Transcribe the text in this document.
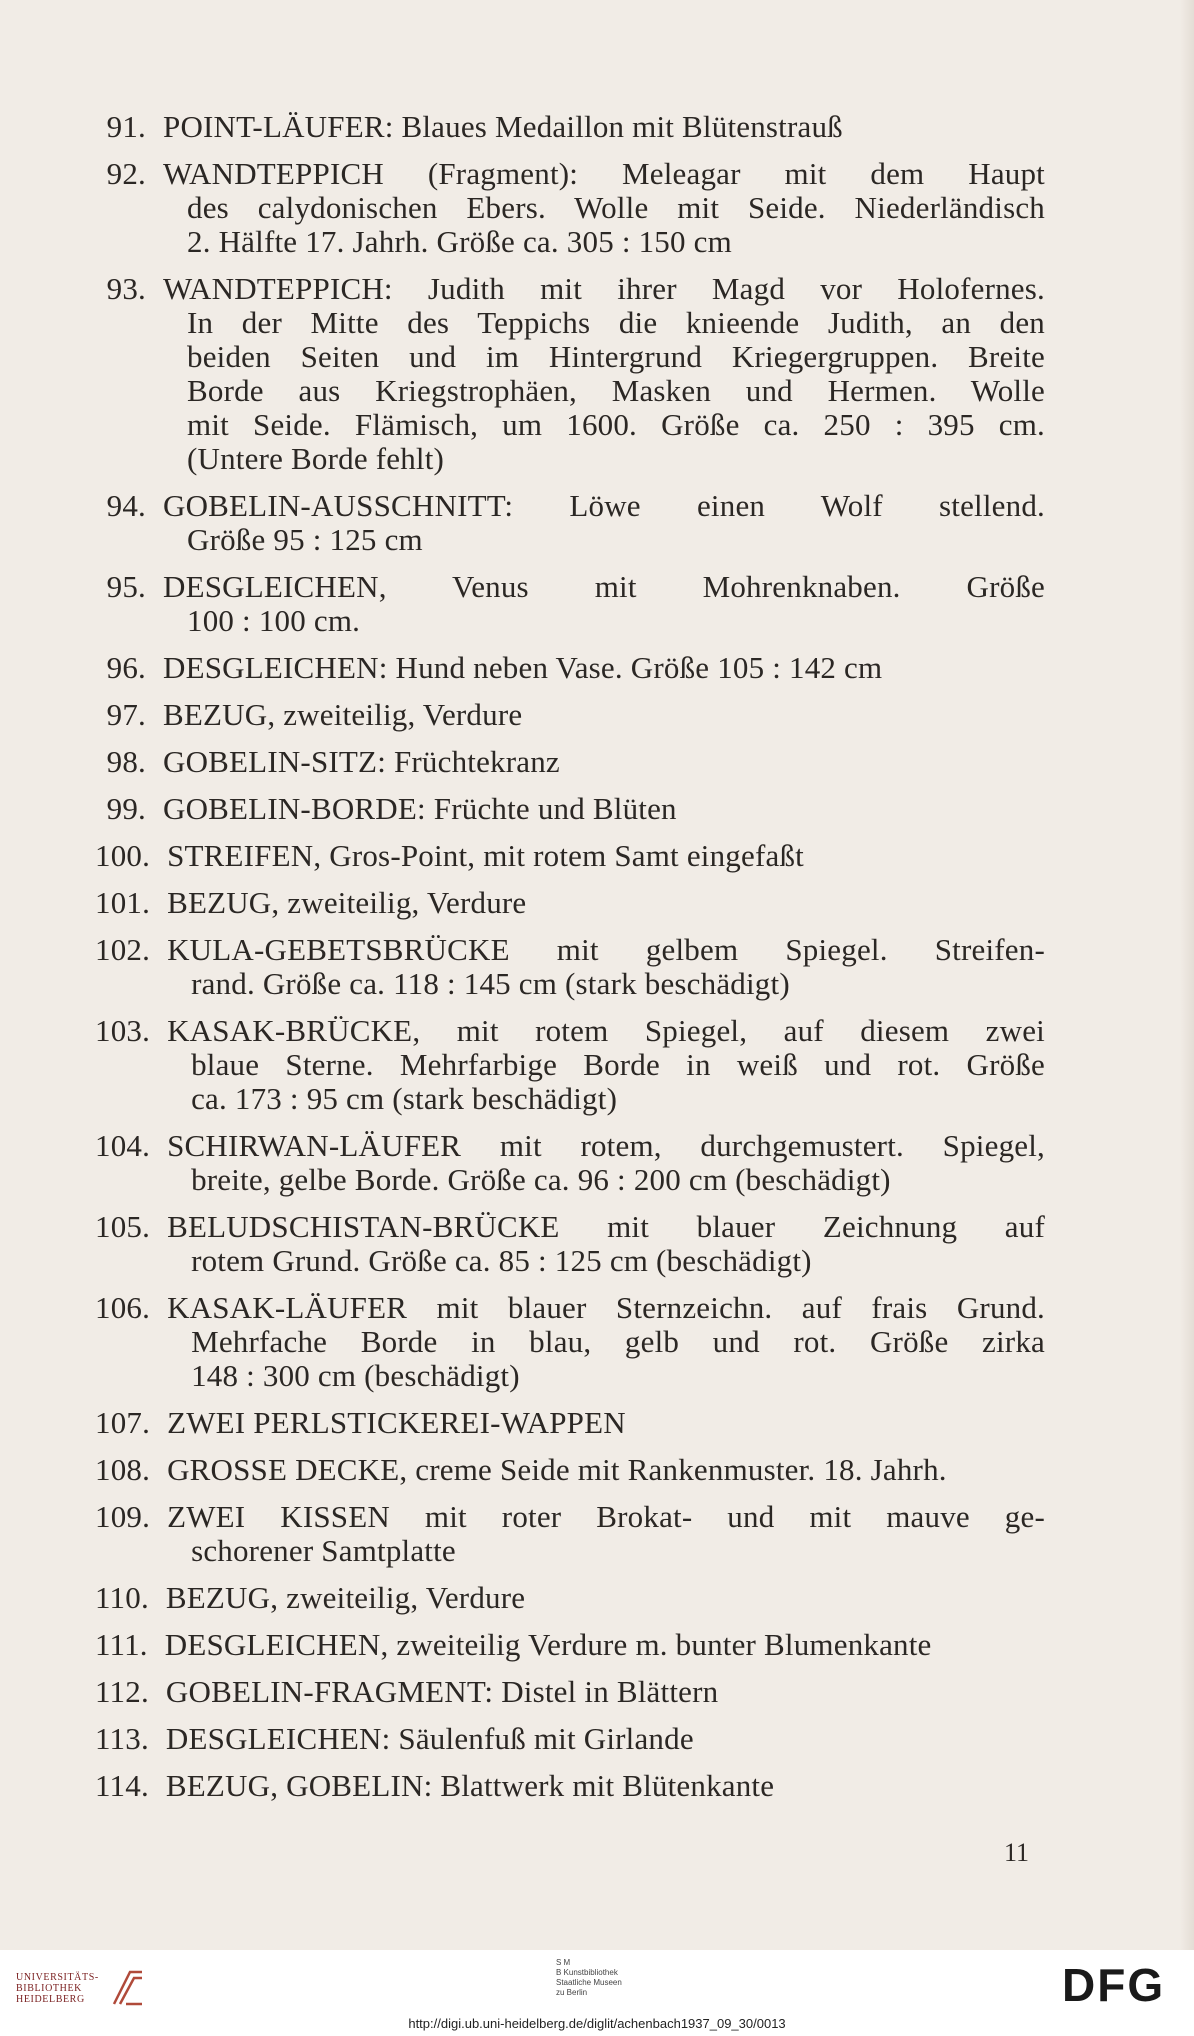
91. POINT-LÄUFER: Blaues Medaillon mit Blütenstrauß
92. WANDTEPPICH (Fragment): Meleagar mit dem Haupt
des calydonischen Ebers. Wolle mit Seide. Niederländisch
2. Hälfte 17. Jahrh. Größe ca. 305 : 150 cm
93. WANDTEPPICH: Judith mit ihrer Magd vor Holofernes.
In der Mitte des Teppichs die knieende Judith, an den
beiden Seiten und im Hintergrund Kriegergruppen. Breite
Borde aus Kriegstrophäen, Masken und Hermen. Wolle
mit Seide. Flämisch, um 1600. Größe ca. 250 : 395 cm.
(Untere Borde fehlt)
94. GOBELIN-AUSSCHNITT: Löwe einen Wolf stellend.
Größe 95 : 125 cm
95. DESGLEICHEN, Venus mit Mohrenknaben. Größe
100 : 100 cm.
96. DESGLEICHEN: Hund neben Vase. Größe 105 : 142 cm
97. BEZUG, zweiteilig, Verdure
98. GOBELIN-SITZ: Früchtekranz
99. GOBELIN-BORDE: Früchte und Blüten
100. STREIFEN, Gros-Point, mit rotem Samt eingefaßt
101. BEZUG, zweiteilig, Verdure
102. KULA-GEBETSBRÜCKE mit gelbem Spiegel. Streifen-
rand. Größe ca. 118 : 145 cm (stark beschädigt)
103. KASAK-BRÜCKE, mit rotem Spiegel, auf diesem zwei
blaue Sterne. Mehrfarbige Borde in weiß und rot. Größe
ca. 173 : 95 cm (stark beschädigt)
104. SCHIRWAN-LÄUFER mit rotem, durchgemustert. Spiegel,
breite, gelbe Borde. Größe ca. 96 : 200 cm (beschädigt)
105. BELUDSCHISTAN-BRÜCKE mit blauer Zeichnung auf
rotem Grund. Größe ca. 85 : 125 cm (beschädigt)
106. KASAK-LÄUFER mit blauer Sternzeichn. auf frais Grund.
Mehrfache Borde in blau, gelb und rot. Größe zirka
148 : 300 cm (beschädigt)
107. ZWEI PERLSTICKEREI-WAPPEN
108. GROSSE DECKE, creme Seide mit Rankenmuster. 18. Jahrh.
109. ZWEI KISSEN mit roter Brokat- und mit mauve ge-
schorener Samtplatte
110. BEZUG, zweiteilig, Verdure
111. DESGLEICHEN, zweiteilig Verdure m. bunter Blumenkante
112. GOBELIN-FRAGMENT: Distel in Blättern
113. DESGLEICHEN: Säulenfuß mit Girlande
114. BEZUG, GOBELIN: Blattwerk mit Blütenkante
11
UNIVERSITÄTS-
BIBLIOTHEK
HEIDELBERG
S M
B Kunstbibliothek
Staatliche Museen
zu Berlin	DFG
http://digi.ub.uni-heidelberg.de/diglit/achenbach1937_09_30/0013
